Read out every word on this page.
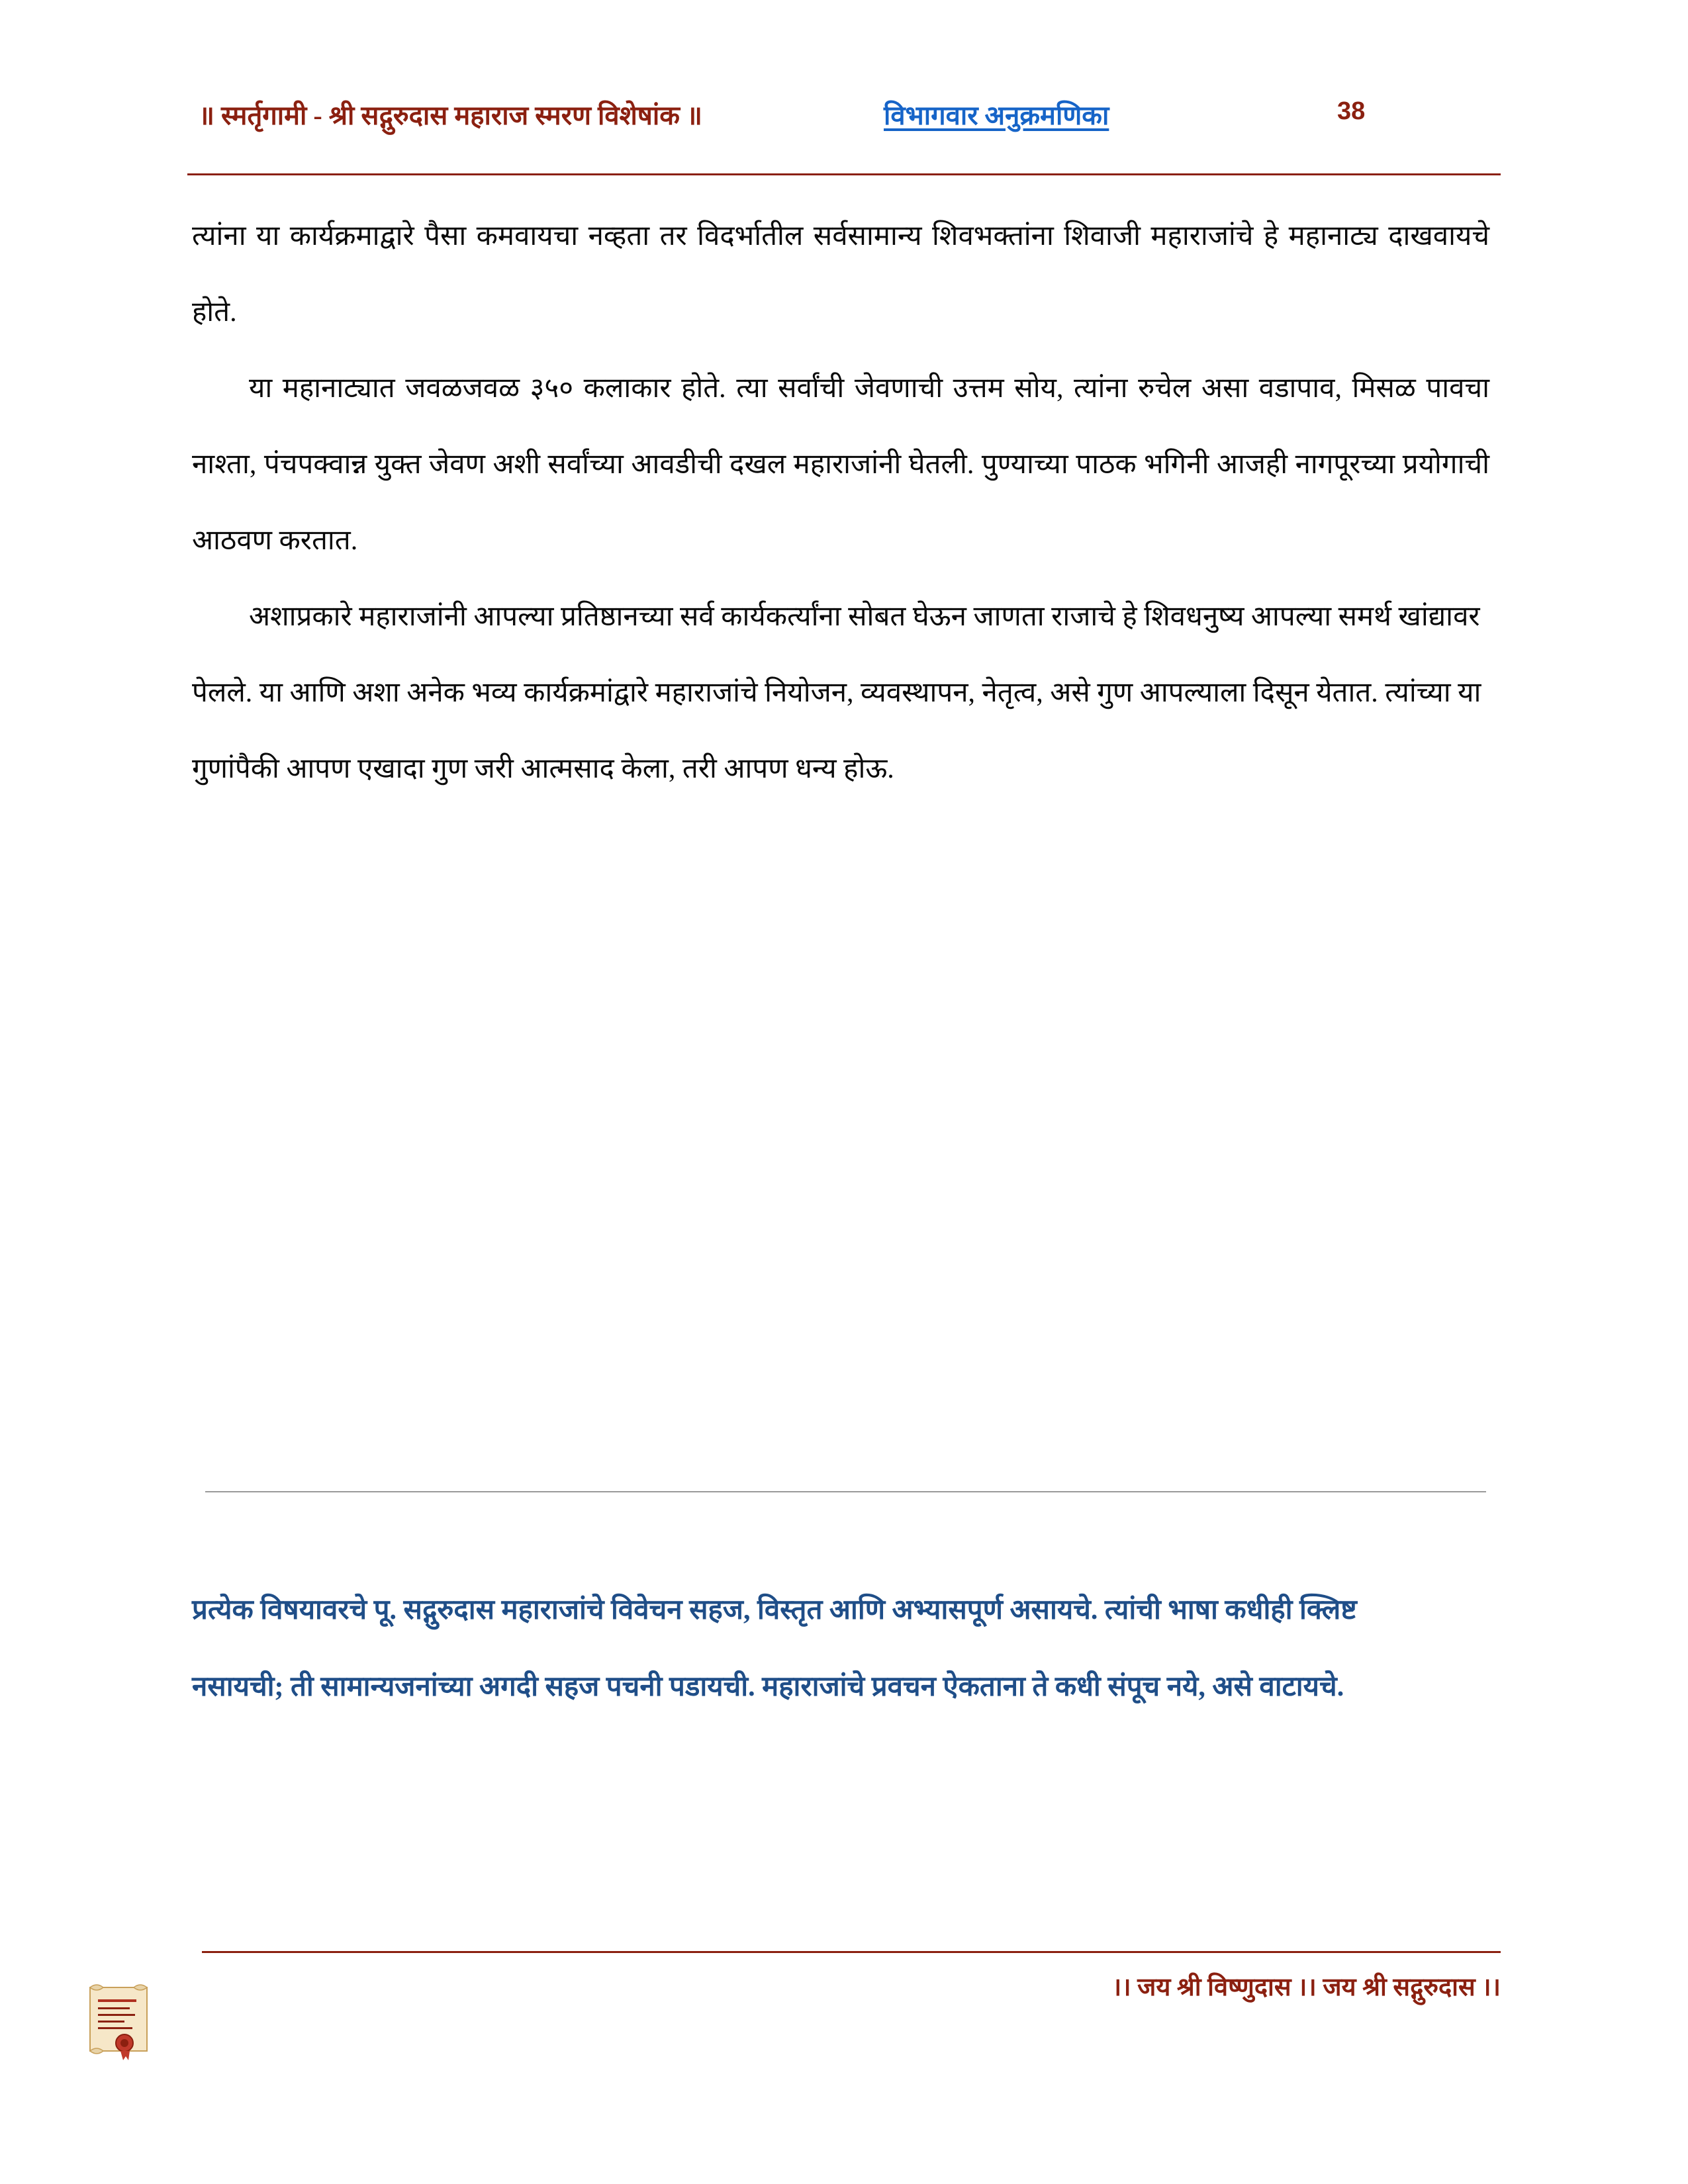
॥ स्मर्तृगामी - श्री सद्गुरुदास महाराज स्मरण विशेषांक ॥	विभागवार अनुक्रमणिका	38

त्यांना या कार्यक्रमाद्वारे पैसा कमवायचा नव्हता तर विदर्भातील सर्वसामान्य शिवभक्तांना शिवाजी महाराजांचे हे महानाट्य दाखवायचे होते.

या महानाट्यात जवळजवळ ३५० कलाकार होते. त्या सर्वांची जेवणाची उत्तम सोय, त्यांना रुचेल असा वडापाव, मिसळ पावचा नाश्ता, पंचपक्वान्न युक्त जेवण अशी सर्वांच्या आवडीची दखल महाराजांनी घेतली. पुण्याच्या पाठक भगिनी आजही नागपूरच्या प्रयोगाची आठवण करतात.

अशाप्रकारे महाराजांनी आपल्या प्रतिष्ठानच्या सर्व कार्यकर्त्यांना सोबत घेऊन जाणता राजाचे हे शिवधनुष्य आपल्या समर्थ खांद्यावर पेलले. या आणि अशा अनेक भव्य कार्यक्रमांद्वारे महाराजांचे नियोजन, व्यवस्थापन, नेतृत्व, असे गुण आपल्याला दिसून येतात. त्यांच्या या गुणांपैकी आपण एखादा गुण जरी आत्मसाद केला, तरी आपण धन्य होऊ.

प्रत्येक विषयावरचे पू. सद्गुरुदास महाराजांचे विवेचन सहज, विस्तृत आणि अभ्यासपूर्ण असायचे. त्यांची भाषा कधीही क्लिष्ट नसायची; ती सामान्यजनांच्या अगदी सहज पचनी पडायची. महाराजांचे प्रवचन ऐकताना ते कधी संपूच नये, असे वाटायचे.

।। जय श्री विष्णुदास ।। जय श्री सद्गुरुदास ।।
